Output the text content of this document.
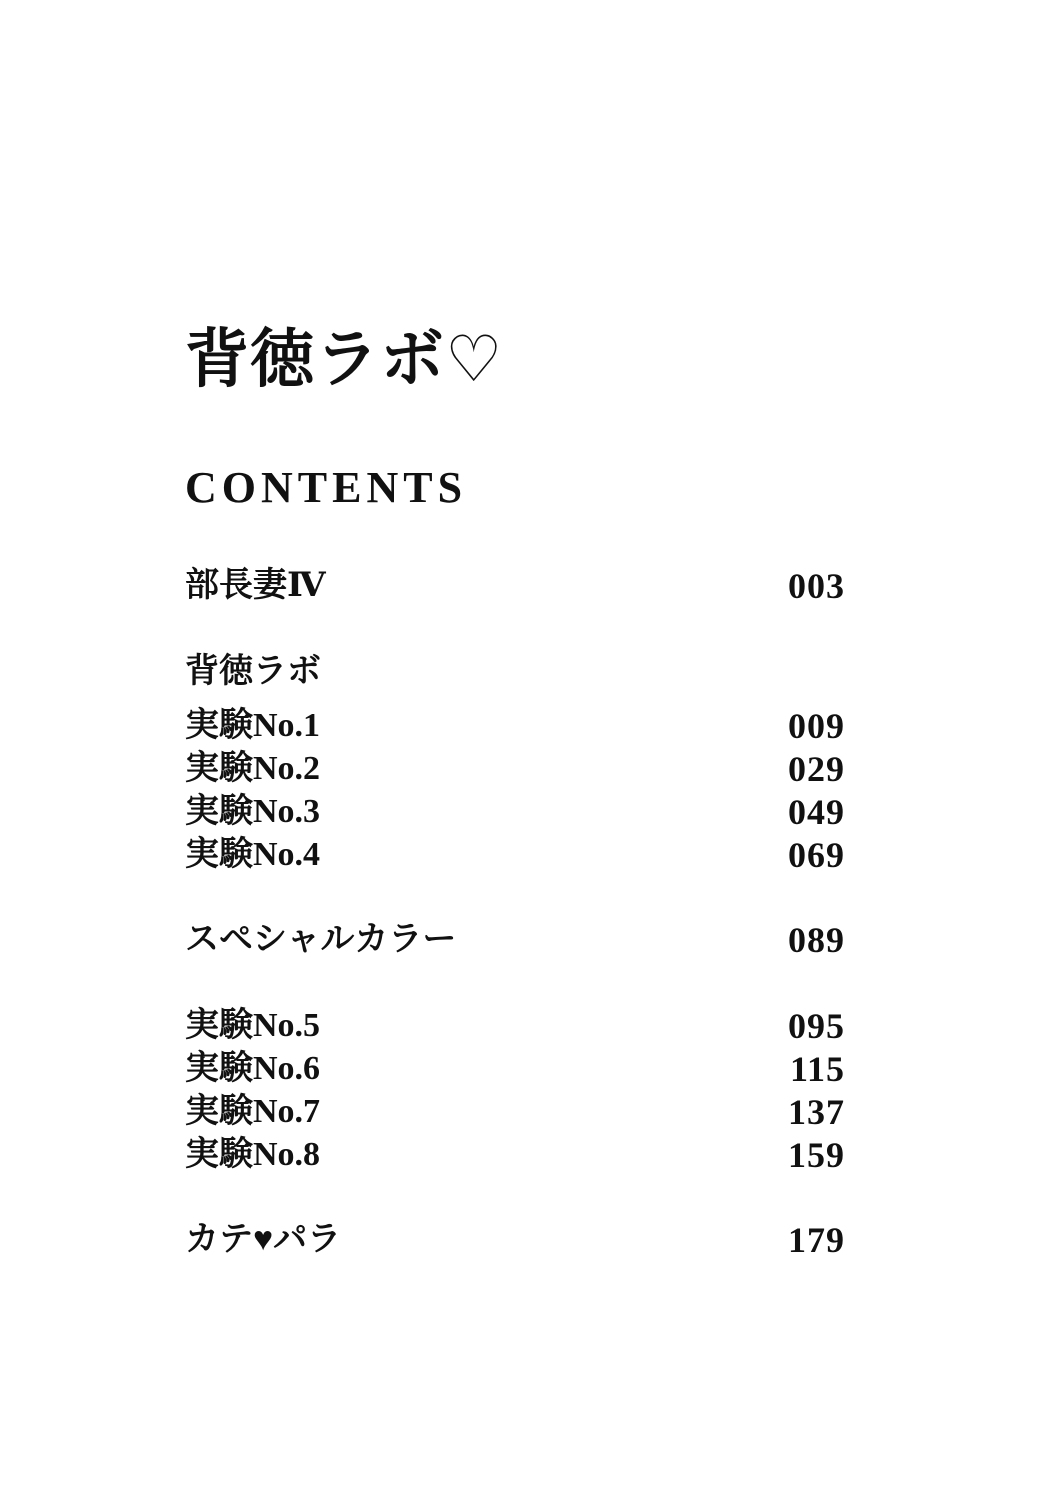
背徳ラボ♡
CONTENTS
部長妻Ⅳ	003
背徳ラボ
実験No.1	009
実験No.2	029
実験No.3	049
実験No.4	069
スペシャルカラー	089
実験No.5	095
実験No.6	115
実験No.7	137
実験No.8	159
カテ♥パラ	179
